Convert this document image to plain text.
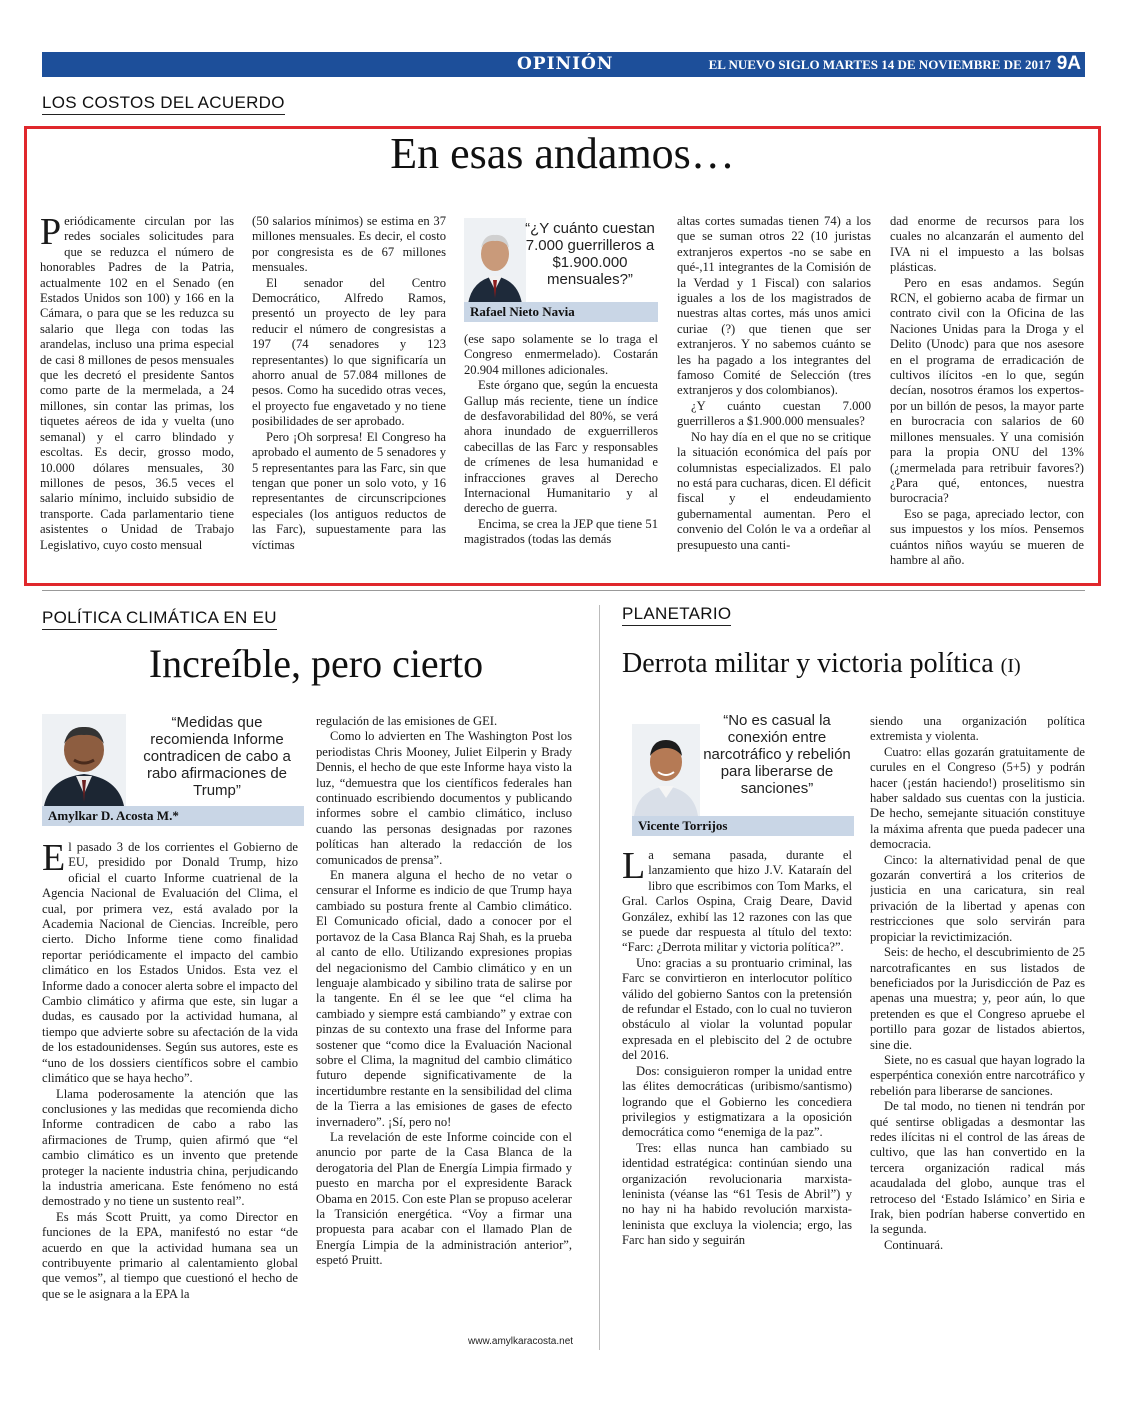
OPINIÓN	EL NUEVO SIGLO MARTES 14 DE NOVIEMBRE DE 2017 9A
LOS COSTOS DEL ACUERDO
En esas andamos…
P eriódicamente circulan por las redes sociales solicitudes para que se reduzca el número de honorables Padres de la Patria, actualmente 102 en el Senado (en Estados Unidos son 100) y 166 en la Cámara, o para que se les reduzca su salario que llega con todas las arandelas, incluso una prima especial de casi 8 millones de pesos mensuales que les decretó el presidente Santos como parte de la mermelada, a 24 millones, sin contar las primas, los tiquetes aéreos de ida y vuelta (uno semanal) y el carro blindado y escoltas. Es decir, grosso modo, 10.000 dólares mensuales, 30 millones de pesos, 36.5 veces el salario mínimo, incluido subsidio de transporte. Cada parlamentario tiene asistentes o Unidad de Trabajo Legislativo, cuyo costo mensual

(50 salarios mínimos) se estima en 37 millones mensuales. Es decir, el costo por congresista es de 67 millones mensuales.

El senador del Centro Democrático, Alfredo Ramos, presentó un proyecto de ley para reducir el número de congresistas a 197 (74 senadores y 123 representantes) lo que significaría un ahorro anual de 57.084 millones de pesos. Como ha sucedido otras veces, el proyecto fue engavetado y no tiene posibilidades de ser aprobado.

Pero ¡Oh sorpresa! El Congreso ha aprobado el aumento de 5 senadores y 5 representantes para las Farc, sin que tengan que poner un solo voto, y 16 representantes de circunscripciones especiales (los antiguos reductos de las Farc), supuestamente para las víctimas

“¿Y cuánto cuestan 7.000 guerrilleros a $1.900.000 mensuales?”
Rafael Nieto Navia

(ese sapo solamente se lo traga el Congreso enmermelado). Costarán 20.904 millones adicionales.

Este órgano que, según la encuesta Gallup más reciente, tiene un índice de desfavorabilidad del 80%, se verá ahora inundado de exguerrilleros cabecillas de las Farc y responsables de crímenes de lesa humanidad e infracciones graves al Derecho Internacional Humanitario y al derecho de guerra.

Encima, se crea la JEP que tiene 51 magistrados (todas las demás

altas cortes sumadas tienen 74) a los que se suman otros 22 (10 juristas extranjeros expertos -no se sabe en qué-,11 integrantes de la Comisión de la Verdad y 1 Fiscal) con salarios iguales a los de los magistrados de nuestras altas cortes, más unos amici curiae (?) que tienen que ser extranjeros. Y no sabemos cuánto se les ha pagado a los integrantes del famoso Comité de Selección (tres extranjeros y dos colombianos).

¿Y cuánto cuestan 7.000 guerrilleros a $1.900.000 mensuales?

No hay día en el que no se critique la situación económica del país por columnistas especializados. El palo no está para cucharas, dicen. El déficit fiscal y el endeudamiento gubernamental aumentan. Pero el convenio del Colón le va a ordeñar al presupuesto una canti-

dad enorme de recursos para los cuales no alcanzarán el aumento del IVA ni el impuesto a las bolsas plásticas.

Pero en esas andamos. Según RCN, el gobierno acaba de firmar un contrato civil con la Oficina de las Naciones Unidas para la Droga y el Delito (Unodc) para que nos asesore en el programa de erradicación de cultivos ilícitos -en lo que, según decían, nosotros éramos los expertos- por un billón de pesos, la mayor parte en burocracia con salarios de 60 millones mensuales. Y una comisión para la propia ONU del 13% (¿mermelada para retribuir favores?) ¿Para qué, entonces, nuestra burocracia?

Eso se paga, apreciado lector, con sus impuestos y los míos. Pensemos cuántos niños wayúu se mueren de hambre al año.

POLÍTICA CLIMÁTICA EN EU
Increíble, pero cierto
“Medidas que recomienda Informe contradicen de cabo a rabo afirmaciones de Trump”
Amylkar D. Acosta M.*
E l pasado 3 de los corrientes el Gobierno de EU, presidido por Donald Trump, hizo oficial el cuarto Informe cuatrienal de la Agencia Nacional de Evaluación del Clima, el cual, por primera vez, está avalado por la Academia Nacional de Ciencias. Increíble, pero cierto. Dicho Informe tiene como finalidad reportar periódicamente el impacto del cambio climático en los Estados Unidos. Esta vez el Informe dado a conocer alerta sobre el impacto del Cambio climático y afirma que este, sin lugar a dudas, es causado por la actividad humana, al tiempo que advierte sobre su afectación de la vida de los estadounidenses. Según sus autores, este es “uno de los dossiers científicos sobre el cambio climático que se haya hecho”.

Llama poderosamente la atención que las conclusiones y las medidas que recomienda dicho Informe contradicen de cabo a rabo las afirmaciones de Trump, quien afirmó que “el cambio climático es un invento que pretende proteger la naciente industria china, perjudicando la industria americana. Este fenómeno no está demostrado y no tiene un sustento real”.

Es más Scott Pruitt, ya como Director en funciones de la EPA, manifestó no estar “de acuerdo en que la actividad humana sea un contribuyente primario al calentamiento global que vemos”, al tiempo que cuestionó el hecho de que se le asignara a la EPA la

regulación de las emisiones de GEI.

Como lo advierten en The Washington Post los periodistas Chris Mooney, Juliet Eilperin y Brady Dennis, el hecho de que este Informe haya visto la luz, “demuestra que los científicos federales han continuado escribiendo documentos y publicando informes sobre el cambio climático, incluso cuando las personas designadas por razones políticas han alterado la redacción de los comunicados de prensa”.

En manera alguna el hecho de no vetar o censurar el Informe es indicio de que Trump haya cambiado su postura frente al Cambio climático. El Comunicado oficial, dado a conocer por el portavoz de la Casa Blanca Raj Shah, es la prueba al canto de ello. Utilizando expresiones propias del negacionismo del Cambio climático y en un lenguaje alambicado y sibilino trata de salirse por la tangente. En él se lee que “el clima ha cambiado y siempre está cambiando” y extrae con pinzas de su contexto una frase del Informe para sostener que “como dice la Evaluación Nacional sobre el Clima, la magnitud del cambio climático futuro depende significativamente de la incertidumbre restante en la sensibilidad del clima de la Tierra a las emisiones de gases de efecto invernadero”. ¡Sí, pero no!

La revelación de este Informe coincide con el anuncio por parte de la Casa Blanca de la derogatoria del Plan de Energía Limpia firmado y puesto en marcha por el expresidente Barack Obama en 2015. Con este Plan se propuso acelerar la Transición energética. “Voy a firmar una propuesta para acabar con el llamado Plan de Energía Limpia de la administración anterior”, espetó Pruitt.

www.amylkaracosta.net
PLANETARIO
Derrota militar y victoria política (I)
“No es casual la conexión entre narcotráfico y rebelión para liberarse de sanciones”
Vicente Torrijos
L a semana pasada, durante el lanzamiento que hizo J.V. Kataraín del libro que escribimos con Tom Marks, el Gral. Carlos Ospina, Craig Deare, David González, exhibí las 12 razones con las que se puede dar respuesta al título del texto: “Farc: ¿Derrota militar y victoria política?”.

Uno: gracias a su prontuario criminal, las Farc se convirtieron en interlocutor político válido del gobierno Santos con la pretensión de refundar el Estado, con lo cual no tuvieron obstáculo al violar la voluntad popular expresada en el plebiscito del 2 de octubre del 2016.

Dos: consiguieron romper la unidad entre las élites democráticas (uribismo/santismo) logrando que el Gobierno les concediera privilegios y estigmatizara a la oposición democrática como “enemiga de la paz”.

Tres: ellas nunca han cambiado su identidad estratégica: continúan siendo una organización revolucionaria marxista-leninista (véanse las “61 Tesis de Abril”) y no hay ni ha habido revolución marxista-leninista que excluya la violencia; ergo, las Farc han sido y seguirán

siendo una organización política extremista y violenta.

Cuatro: ellas gozarán gratuitamente de curules en el Congreso (5+5) y podrán hacer (¡están haciendo!) proselitismo sin haber saldado sus cuentas con la justicia. De hecho, semejante situación constituye la máxima afrenta que pueda padecer una democracia.

Cinco: la alternatividad penal de que gozarán convertirá a los criterios de justicia en una caricatura, sin real privación de la libertad y apenas con restricciones que solo servirán para propiciar la revictimización.

Seis: de hecho, el descubrimiento de 25 narcotraficantes en sus listados de beneficiados por la Jurisdicción de Paz es apenas una muestra; y, peor aún, lo que pretenden es que el Congreso apruebe el portillo para gozar de listados abiertos, sine die.

Siete, no es casual que hayan logrado la esperpéntica conexión entre narcotráfico y rebelión para liberarse de sanciones.

De tal modo, no tienen ni tendrán por qué sentirse obligadas a desmontar las redes ilícitas ni el control de las áreas de cultivo, que las han convertido en la tercera organización radical más acaudalada del globo, aunque tras el retroceso del ‘Estado Islámico’ en Siria e Irak, bien podrían haberse convertido en la segunda.

Continuará.
